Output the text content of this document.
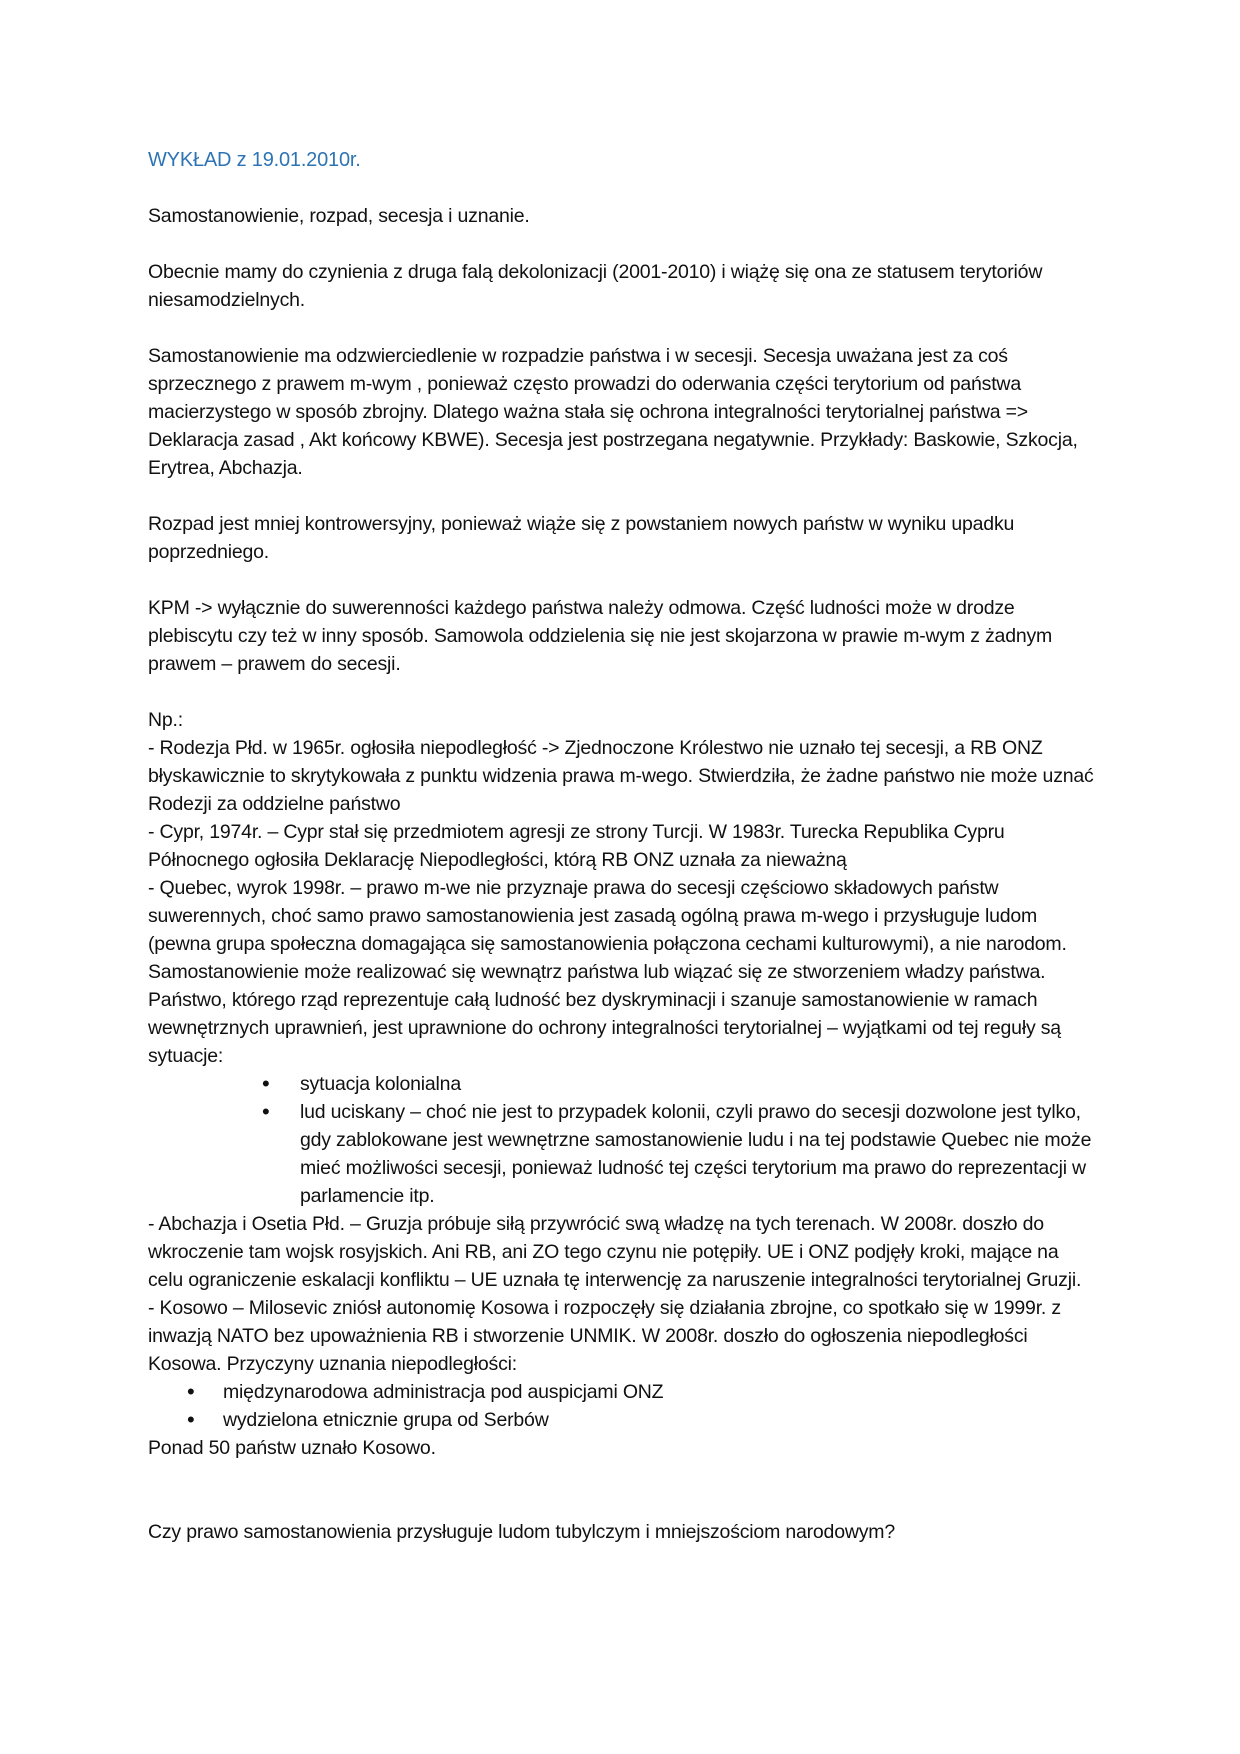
WYKŁAD z 19.01.2010r.

Samostanowienie, rozpad, secesja i uznanie.

Obecnie mamy do czynienia z druga falą dekolonizacji (2001-2010) i wiążę się ona ze statusem terytoriów niesamodzielnych.

Samostanowienie ma odzwierciedlenie w rozpadzie państwa i w secesji. Secesja uważana jest za coś sprzecznego z prawem m-wym , ponieważ często prowadzi do oderwania części terytorium od państwa macierzystego w sposób zbrojny. Dlatego ważna stała się ochrona integralności terytorialnej państwa => Deklaracja zasad , Akt końcowy KBWE). Secesja jest postrzegana negatywnie. Przykłady: Baskowie, Szkocja, Erytrea, Abchazja.

Rozpad jest mniej kontrowersyjny, ponieważ wiąże się z powstaniem nowych państw w wyniku upadku poprzedniego.

KPM -> wyłącznie do suwerenności każdego państwa należy odmowa. Część ludności może w drodze plebiscytu czy też w inny sposób. Samowola oddzielenia się nie jest skojarzona w prawie m-wym z żadnym prawem – prawem do secesji.

Np.:

- Rodezja Płd. w 1965r. ogłosiła niepodległość -> Zjednoczone Królestwo nie uznało tej secesji, a RB ONZ błyskawicznie to skrytykowała z punktu widzenia prawa m-wego. Stwierdziła, że żadne państwo nie może uznać Rodezji za oddzielne państwo

- Cypr, 1974r. – Cypr stał się przedmiotem agresji ze strony Turcji. W 1983r. Turecka Republika Cypru Północnego ogłosiła Deklarację Niepodległości, którą RB ONZ uznała za nieważną

- Quebec, wyrok 1998r. – prawo m-we nie przyznaje prawa do secesji częściowo składowych państw suwerennych, choć samo prawo samostanowienia jest zasadą ogólną prawa m-wego i przysługuje ludom (pewna grupa społeczna domagająca się samostanowienia połączona cechami kulturowymi), a nie narodom. Samostanowienie może realizować się wewnątrz państwa lub wiązać się ze stworzeniem władzy państwa. Państwo, którego rząd reprezentuje całą ludność bez dyskryminacji i szanuje samostanowienie w ramach wewnętrznych uprawnień, jest uprawnione do ochrony integralności terytorialnej – wyjątkami od tej reguły są sytuacje:

• sytuacja kolonialna
• lud uciskany – choć nie jest to przypadek kolonii, czyli prawo do secesji dozwolone jest tylko, gdy zablokowane jest wewnętrzne samostanowienie ludu i na tej podstawie Quebec nie może mieć możliwości secesji, ponieważ ludność tej części terytorium ma prawo do reprezentacji w parlamencie itp.

- Abchazja i Osetia Płd. – Gruzja próbuje siłą przywrócić swą władzę na tych terenach. W 2008r. doszło do wkroczenie tam wojsk rosyjskich. Ani RB, ani ZO tego czynu nie potępiły. UE i ONZ podjęły kroki, mające na celu ograniczenie eskalacji konfliktu – UE uznała tę interwencję za naruszenie integralności terytorialnej Gruzji.

- Kosowo – Milosevic zniósł autonomię Kosowa i rozpoczęły się działania zbrojne, co spotkało się w 1999r. z inwazją NATO bez upoważnienia RB i stworzenie UNMIK. W 2008r. doszło do ogłoszenia niepodległości Kosowa. Przyczyny uznania niepodległości:

• międzynarodowa administracja pod auspicjami ONZ
• wydzielona etnicznie grupa od Serbów

Ponad 50 państw uznało Kosowo.

Czy prawo samostanowienia przysługuje ludom tubylczym i mniejszościom narodowym?
